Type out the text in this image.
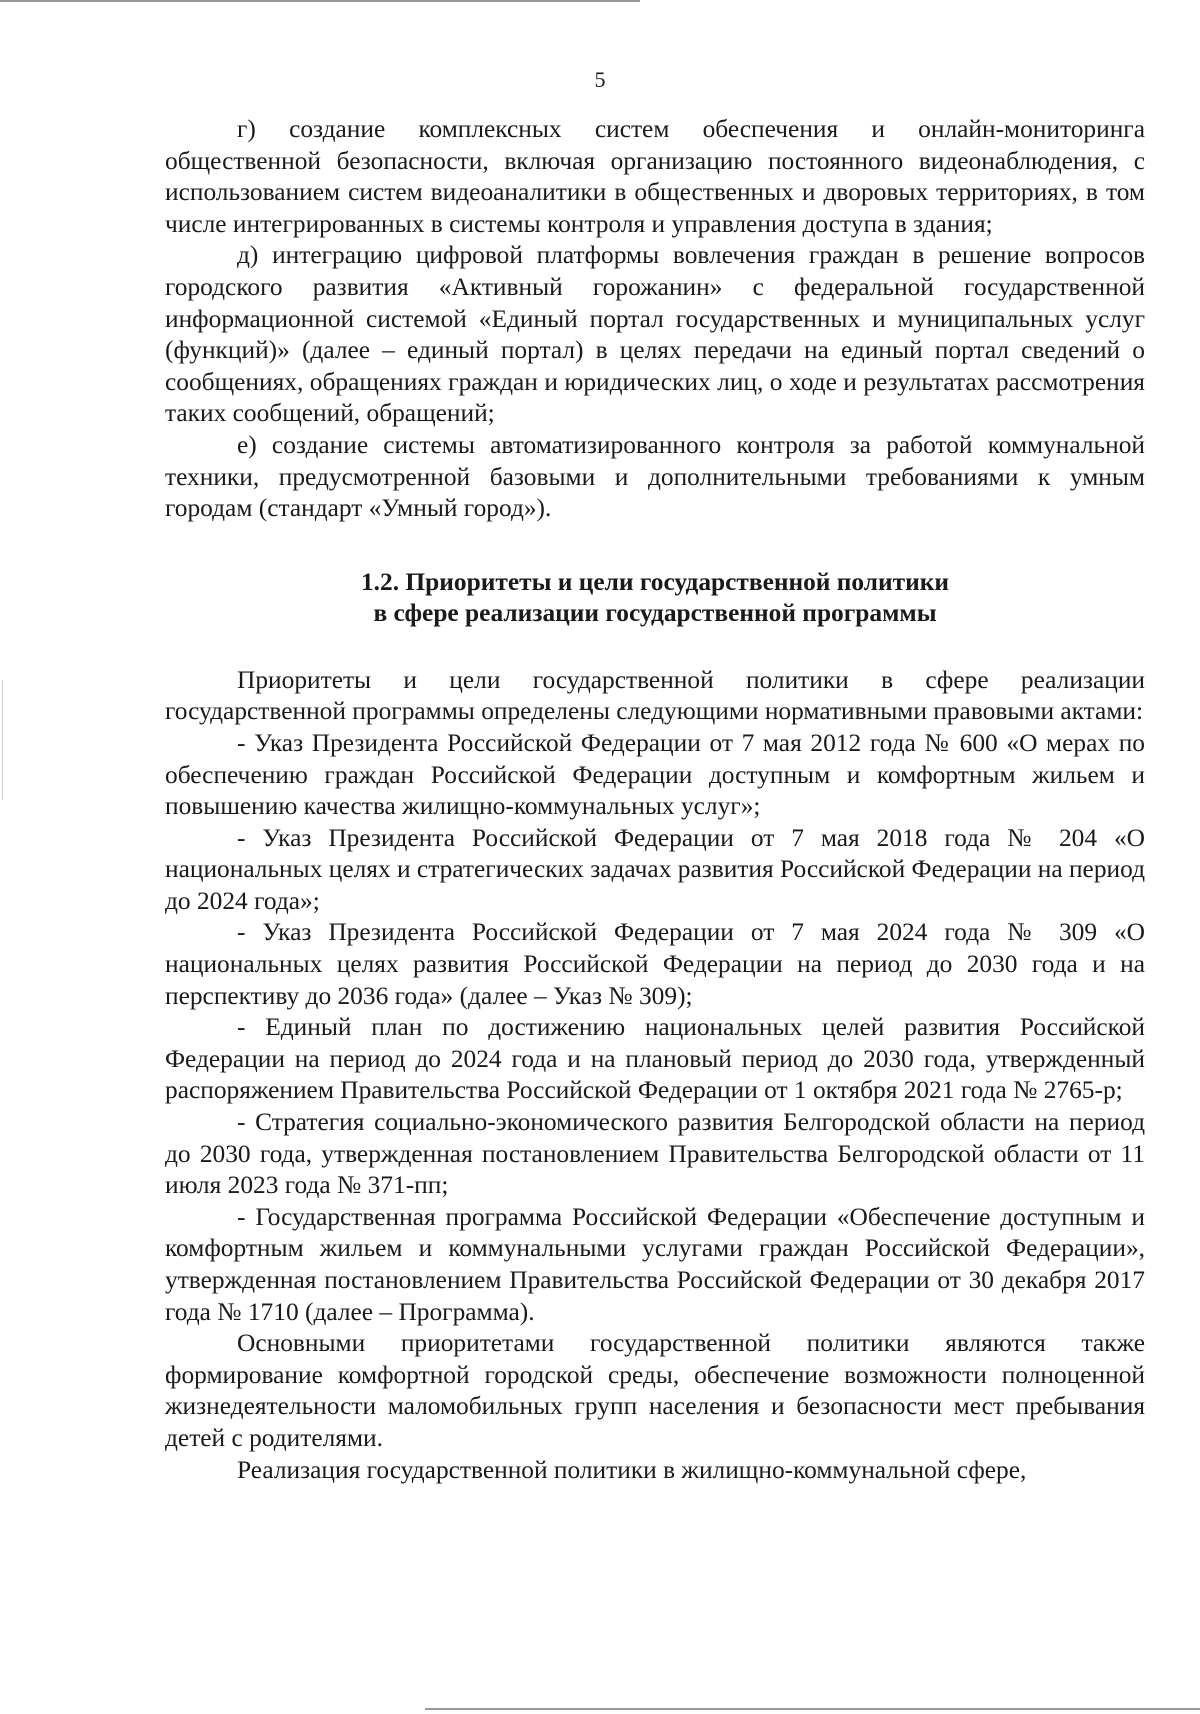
5

г) создание комплексных систем обеспечения и онлайн-мониторинга общественной безопасности, включая организацию постоянного видеонаблюдения, с использованием систем видеоаналитики в общественных и дворовых территориях, в том числе интегрированных в системы контроля и управления доступа в здания;

д) интеграцию цифровой платформы вовлечения граждан в решение вопросов городского развития «Активный горожанин» с федеральной государственной информационной системой «Единый портал государственных и муниципальных услуг (функций)» (далее – единый портал) в целях передачи на единый портал сведений о сообщениях, обращениях граждан и юридических лиц, о ходе и результатах рассмотрения таких сообщений, обращений;

е) создание системы автоматизированного контроля за работой коммунальной техники, предусмотренной базовыми и дополнительными требованиями к умным городам (стандарт «Умный город»).

1.2. Приоритеты и цели государственной политики
в сфере реализации государственной программы

Приоритеты и цели государственной политики в сфере реализации государственной программы определены следующими нормативными правовыми актами:

- Указ Президента Российской Федерации от 7 мая 2012 года № 600 «О мерах по обеспечению граждан Российской Федерации доступным и комфортным жильем и повышению качества жилищно-коммунальных услуг»;

- Указ Президента Российской Федерации от 7 мая 2018 года № 204 «О национальных целях и стратегических задачах развития Российской Федерации на период до 2024 года»;

- Указ Президента Российской Федерации от 7 мая 2024 года № 309 «О национальных целях развития Российской Федерации на период до 2030 года и на перспективу до 2036 года» (далее – Указ № 309);

- Единый план по достижению национальных целей развития Российской Федерации на период до 2024 года и на плановый период до 2030 года, утвержденный распоряжением Правительства Российской Федерации от 1 октября 2021 года № 2765-р;

- Стратегия социально-экономического развития Белгородской области на период до 2030 года, утвержденная постановлением Правительства Белгородской области от 11 июля 2023 года № 371-пп;

- Государственная программа Российской Федерации «Обеспечение доступным и комфортным жильем и коммунальными услугами граждан Российской Федерации», утвержденная постановлением Правительства Российской Федерации от 30 декабря 2017 года № 1710 (далее – Программа).

Основными приоритетами государственной политики являются также формирование комфортной городской среды, обеспечение возможности полноценной жизнедеятельности маломобильных групп населения и безопасности мест пребывания детей с родителями.

Реализация государственной политики в жилищно-коммунальной сфере,
